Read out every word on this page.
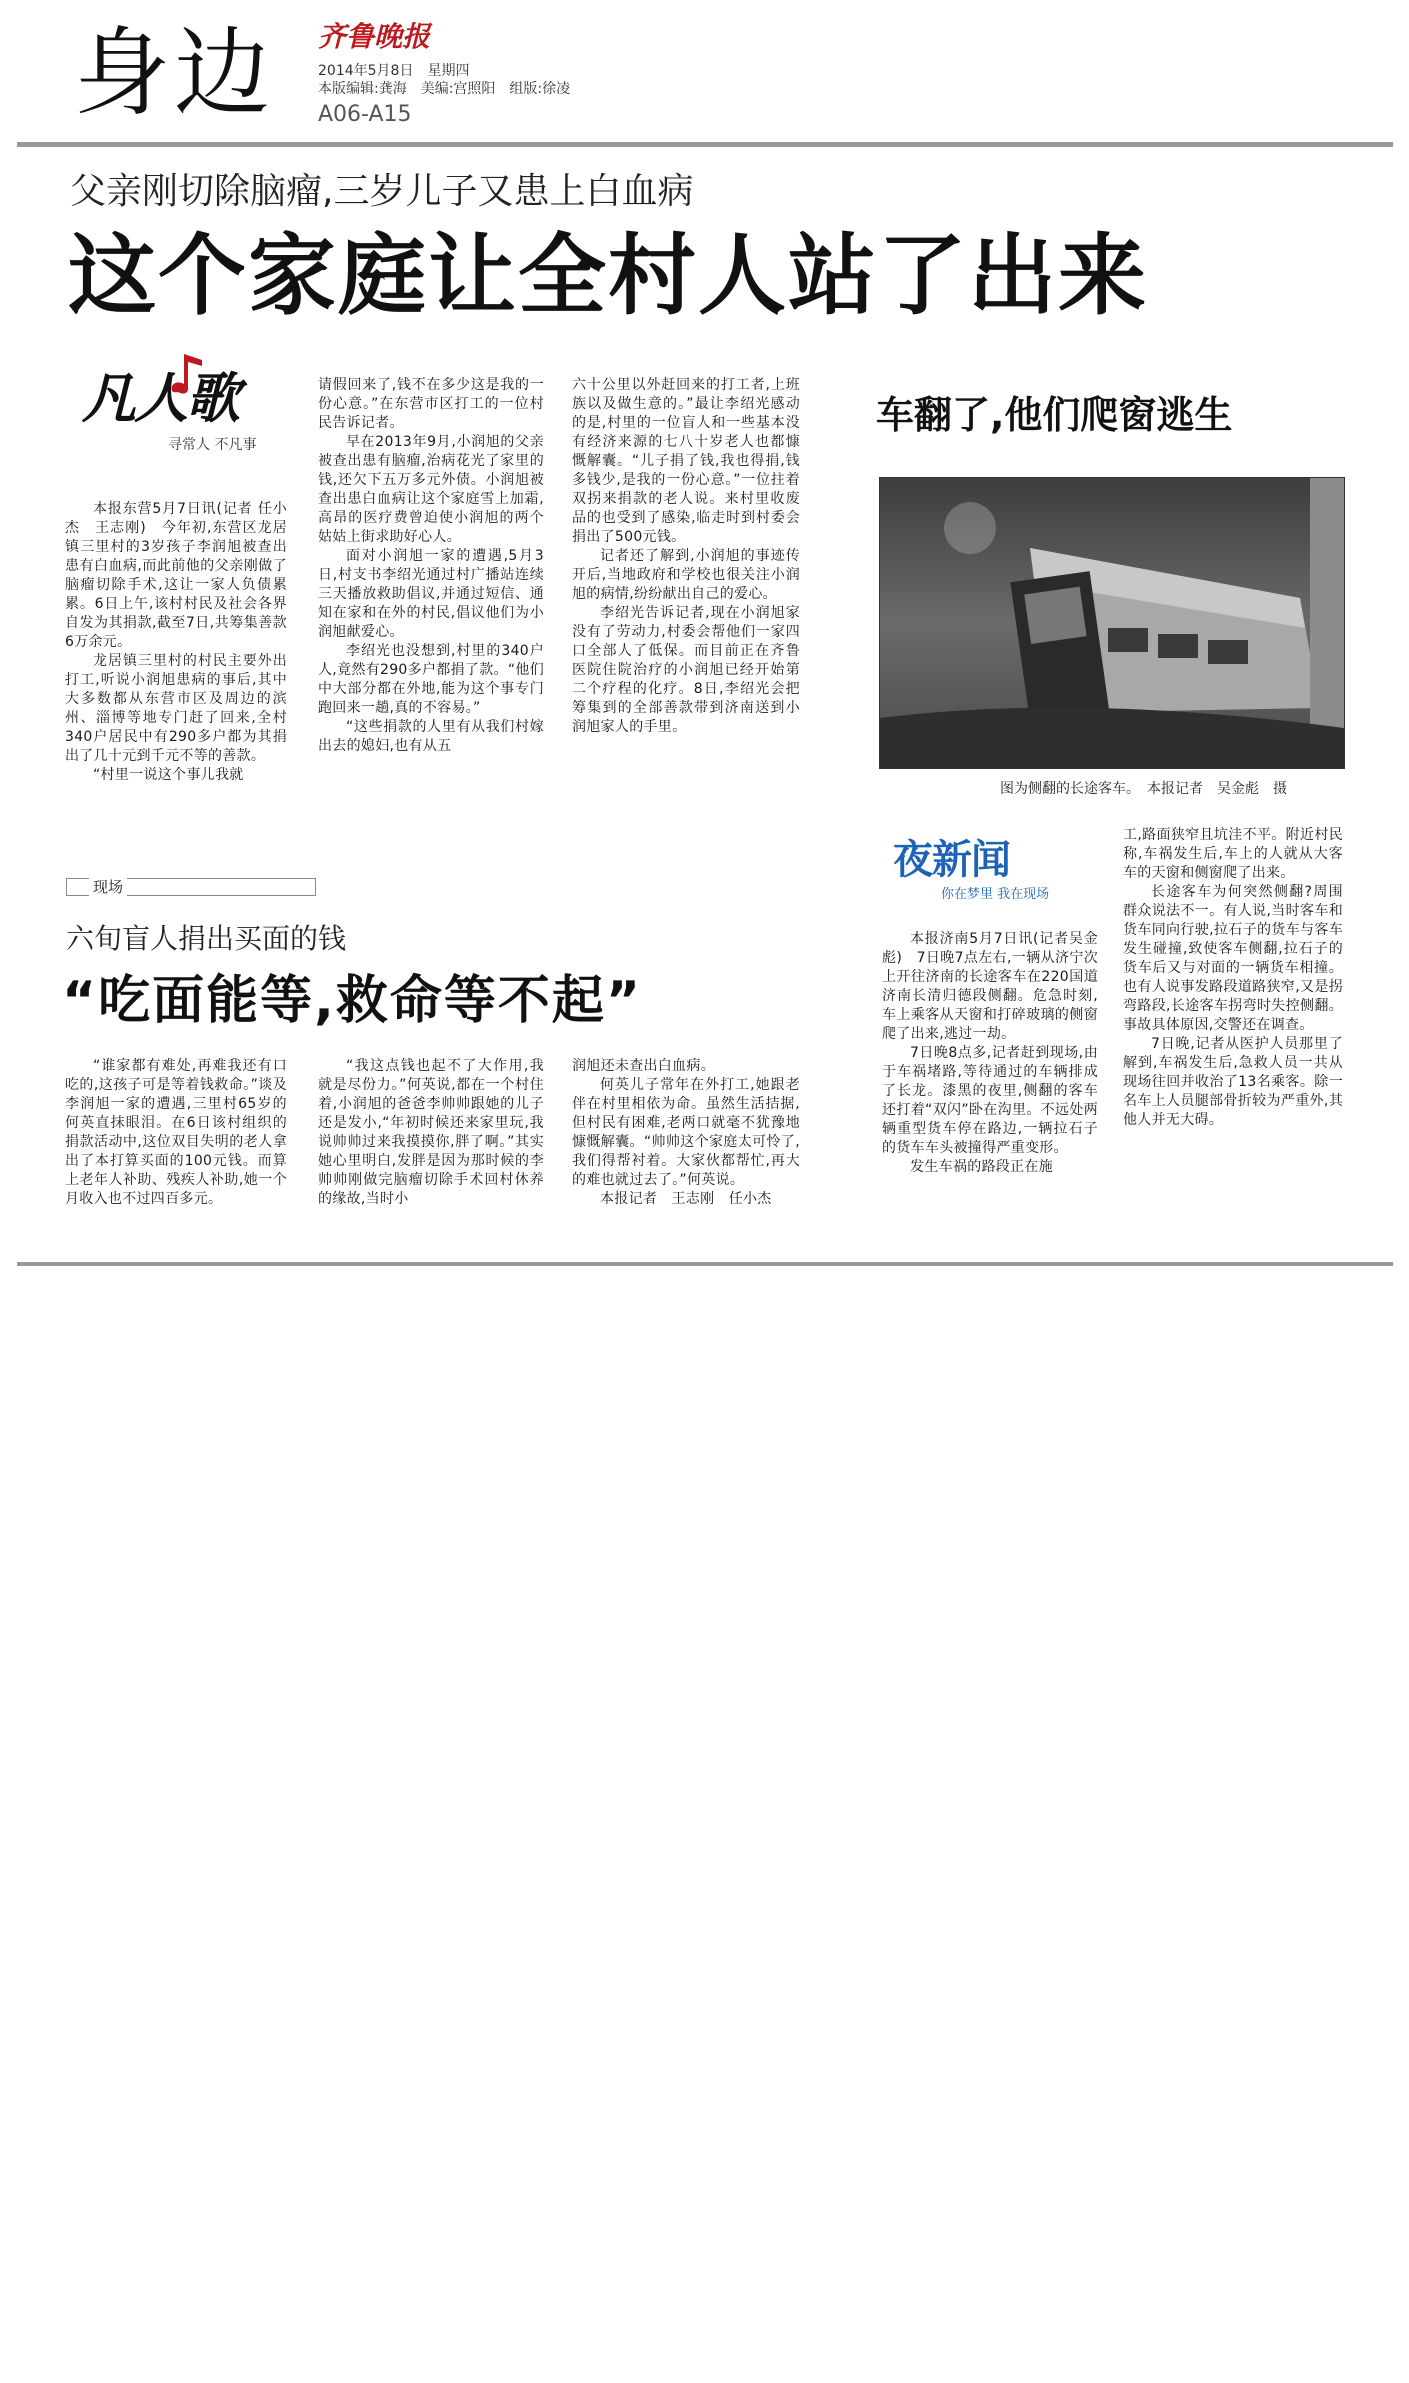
身边 齐鲁晚报
2014年5月8日　星期四
本版编辑:龚海　美编:宫照阳　组版:徐凌
A06-A15
父亲刚切除脑瘤,三岁儿子又患上白血病
这个家庭让全村人站了出来
凡人歌
寻常人 不凡事

本报东营5月7日讯(记者 任小杰　王志刚)　今年初,东营区龙居镇三里村的3岁孩子李润旭被查出患有白血病,而此前他的父亲刚做了脑瘤切除手术,这让一家人负债累累。6日上午,该村村民及社会各界自发为其捐款,截至7日,共筹集善款6万余元。

龙居镇三里村的村民主要外出打工,听说小润旭患病的事后,其中大多数都从东营市区及周边的滨州、淄博等地专门赶了回来,全村340户居民中有290多户都为其捐出了几十元到千元不等的善款。

“村里一说这个事儿我就

请假回来了,钱不在多少这是我的一份心意。”在东营市区打工的一位村民告诉记者。

早在2013年9月,小润旭的父亲被查出患有脑瘤,治病花光了家里的钱,还欠下五万多元外债。小润旭被查出患白血病让这个家庭雪上加霜,高昂的医疗费曾迫使小润旭的两个姑姑上街求助好心人。

面对小润旭一家的遭遇,5月3日,村支书李绍光通过村广播站连续三天播放救助倡议,并通过短信、通知在家和在外的村民,倡议他们为小润旭献爱心。

李绍光也没想到,村里的340户人,竟然有290多户都捐了款。“他们中大部分都在外地,能为这个事专门跑回来一趟,真的不容易。”

“这些捐款的人里有从我们村嫁出去的媳妇,也有从五

六十公里以外赶回来的打工者,上班族以及做生意的。”最让李绍光感动的是,村里的一位盲人和一些基本没有经济来源的七八十岁老人也都慷慨解囊。“儿子捐了钱,我也得捐,钱多钱少,是我的一份心意。”一位拄着双拐来捐款的老人说。来村里收废品的也受到了感染,临走时到村委会捐出了500元钱。

记者还了解到,小润旭的事迹传开后,当地政府和学校也很关注小润旭的病情,纷纷献出自己的爱心。

李绍光告诉记者,现在小润旭家没有了劳动力,村委会帮他们一家四口全部人了低保。而目前正在齐鲁医院住院治疗的小润旭已经开始第二个疗程的化疗。8日,李绍光会把筹集到的全部善款带到济南送到小润旭家人的手里。

现场
六旬盲人捐出买面的钱
“吃面能等,救命等不起”

“谁家都有难处,再难我还有口吃的,这孩子可是等着钱救命。”谈及李润旭一家的遭遇,三里村65岁的何英直抹眼泪。在6日该村组织的捐款活动中,这位双目失明的老人拿出了本打算买面的100元钱。而算上老年人补助、残疾人补助,她一个月收入也不过四百多元。

“我这点钱也起不了大作用,我就是尽份力。”何英说,都在一个村住着,小润旭的爸爸李帅帅跟她的儿子还是发小,“年初时候还来家里玩,我说帅帅过来我摸摸你,胖了啊。”其实她心里明白,发胖是因为那时候的李帅帅刚做完脑瘤切除手术回村休养的缘故,当时小

润旭还未查出白血病。

何英儿子常年在外打工,她跟老伴在村里相依为命。虽然生活拮据,但村民有困难,老两口就毫不犹豫地慷慨解囊。“帅帅这个家庭太可怜了,我们得帮衬着。大家伙都帮忙,再大的难也就过去了。”何英说。

本报记者　王志刚　任小杰

车翻了,他们爬窗逃生
图为侧翻的长途客车。　本报记者　吴金彪　摄
夜新闻
你在梦里 我在现场

本报济南5月7日讯(记者吴金彪)　7日晚7点左右,一辆从济宁次上开往济南的长途客车在220国道济南长清归德段侧翻。危急时刻,车上乘客从天窗和打碎玻璃的侧窗爬了出来,逃过一劫。

7日晚8点多,记者赶到现场,由于车祸堵路,等待通过的车辆排成了长龙。漆黑的夜里,侧翻的客车还打着“双闪”卧在沟里。不远处两辆重型货车停在路边,一辆拉石子的货车车头被撞得严重变形。

发生车祸的路段正在施

工,路面狭窄且坑洼不平。附近村民称,车祸发生后,车上的人就从大客车的天窗和侧窗爬了出来。

长途客车为何突然侧翻?周围群众说法不一。有人说,当时客车和货车同向行驶,拉石子的货车与客车发生碰撞,致使客车侧翻,拉石子的货车后又与对面的一辆货车相撞。也有人说事发路段道路狭窄,又是拐弯路段,长途客车拐弯时失控侧翻。事故具体原因,交警还在调查。

7日晚,记者从医护人员那里了解到,车祸发生后,急救人员一共从现场往回并收治了13名乘客。除一名车上人员腿部骨折较为严重外,其他人并无大碍。
